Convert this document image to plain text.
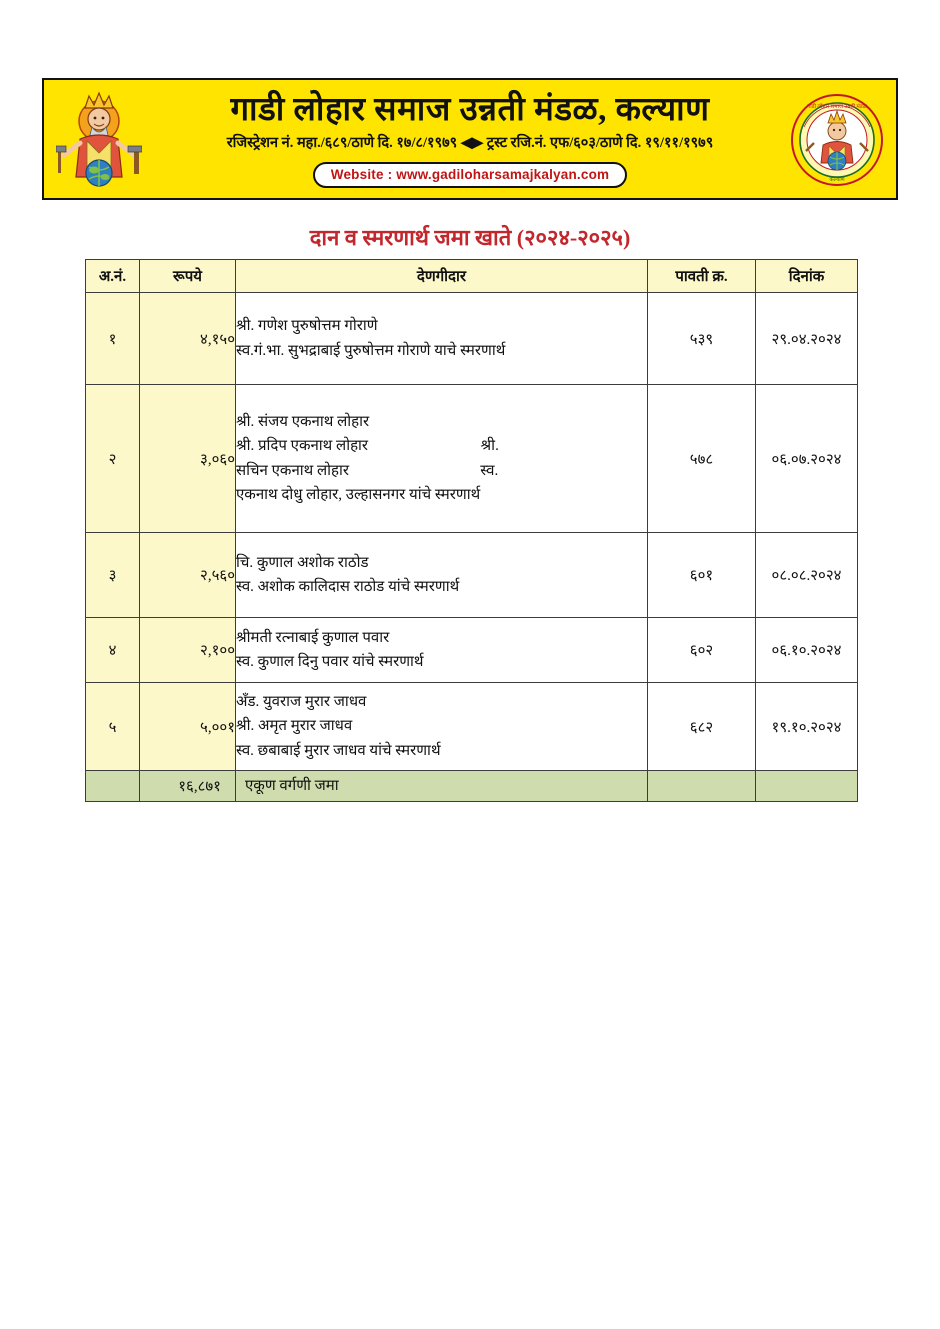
गाडी लोहार समाज उन्नती मंडळ
कल्याण
गाडी लोहार समाज उन्नती मंडळ, कल्याण
रजिस्ट्रेशन नं. महा./६८९/ठाणे दि. १७/८/१९७९ ◀▶ ट्रस्ट रजि.नं. एफ/६०३/ठाणे दि. १९/११/१९७९
Website : www.gadiloharsamajkalyan.com
दान व स्मरणार्थ जमा खाते (२०२४-२०२५)
अ.नं.	रूपये	देणगीदार	पावती क्र.	दिनांक
१	४,१५०	श्री. गणेश पुरुषोत्तम गोराणे
स्व.गं.भा. सुभद्राबाई पुरुषोत्तम गोराणे याचे स्मरणार्थ	५३९	२९.०४.२०२४
२	३,०६०	श्री. संजय एकनाथ लोहार
श्री. प्रदिप एकनाथ लोहार                              श्री.
सचिन एकनाथ लोहार                                   स्व.
एकनाथ दोधु लोहार, उल्हासनगर यांचे स्मरणार्थ	५७८	०६.०७.२०२४
३	२,५६०	चि. कुणाल अशोक राठोड
स्व. अशोक कालिदास राठोड यांचे स्मरणार्थ	६०१	०८.०८.२०२४
४	२,१००	श्रीमती रत्नाबाई कुणाल पवार
स्व. कुणाल दिनु पवार यांचे स्मरणार्थ	६०२	०६.१०.२०२४
५	५,००१	अँड. युवराज मुरार जाधव
श्री. अमृत मुरार जाधव
स्व. छबाबाई मुरार जाधव यांचे स्मरणार्थ	६८२	१९.१०.२०२४
	१६,८७१	एकूण वर्गणी जमा		
